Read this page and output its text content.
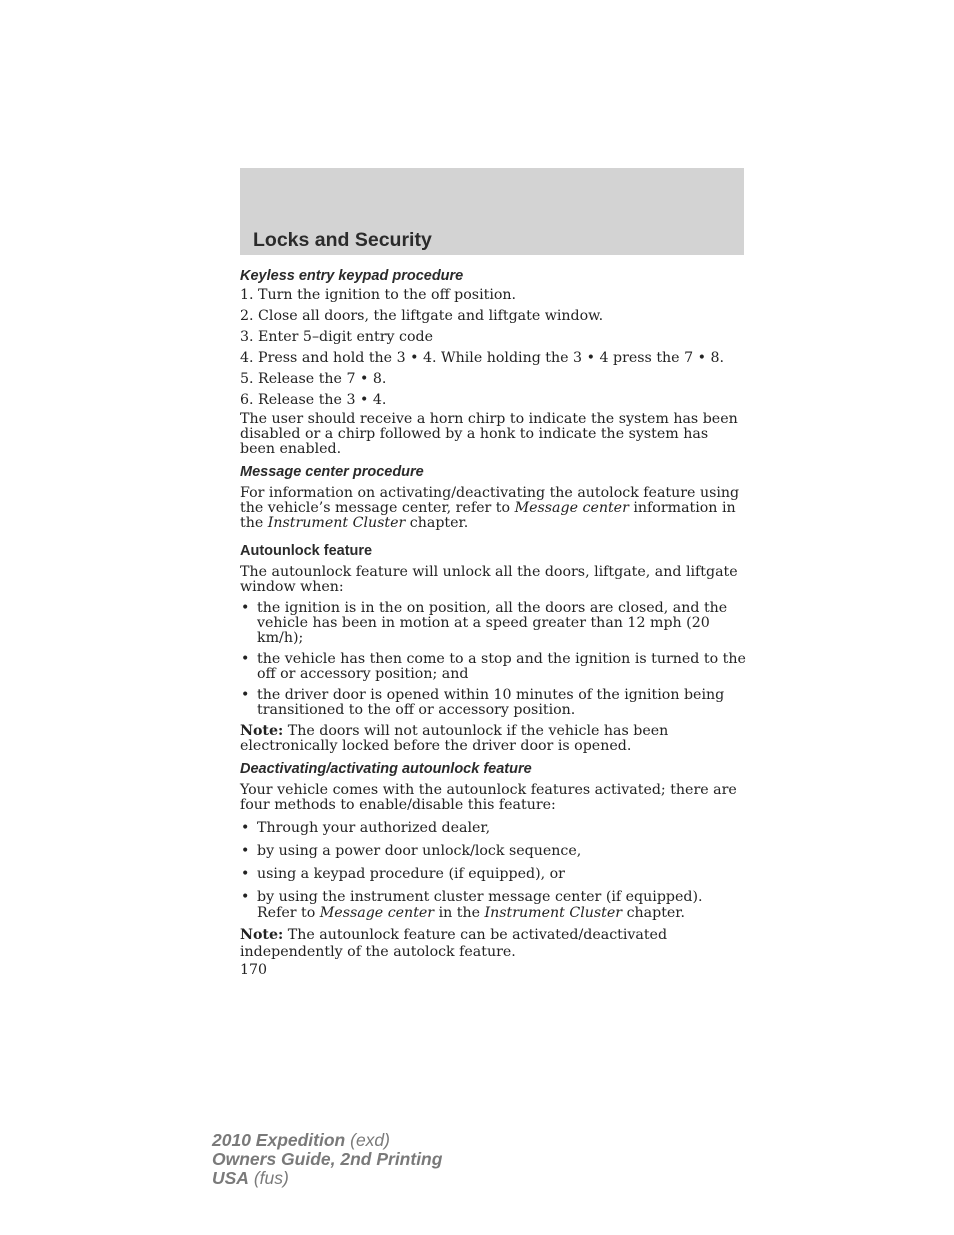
Locks and Security
Keyless entry keypad procedure
1. Turn the ignition to the off position.
2. Close all doors, the liftgate and liftgate window.
3. Enter 5–digit entry code
4. Press and hold the 3 • 4. While holding the 3 • 4 press the 7 • 8.
5. Release the 7 • 8.
6. Release the 3 • 4.

The user should receive a horn chirp to indicate the system has been disabled or a chirp followed by a honk to indicate the system has been enabled.

Message center procedure

For information on activating/deactivating the autolock feature using the vehicle’s message center, refer to Message center information in the Instrument Cluster chapter.

Autounlock feature

The autounlock feature will unlock all the doors, liftgate, and liftgate window when:

• the ignition is in the on position, all the doors are closed, and the vehicle has been in motion at a speed greater than 12 mph (20 km/h);
• the vehicle has then come to a stop and the ignition is turned to the off or accessory position; and
• the driver door is opened within 10 minutes of the ignition being transitioned to the off or accessory position.

Note: The doors will not autounlock if the vehicle has been electronically locked before the driver door is opened.

Deactivating/activating autounlock feature

Your vehicle comes with the autounlock features activated; there are four methods to enable/disable this feature:

• Through your authorized dealer,
• by using a power door unlock/lock sequence,
• using a keypad procedure (if equipped), or
• by using the instrument cluster message center (if equipped). Refer to Message center in the Instrument Cluster chapter.

Note: The autounlock feature can be activated/deactivated independently of the autolock feature.

170

2010 Expedition (exd)
Owners Guide, 2nd Printing
USA (fus)
